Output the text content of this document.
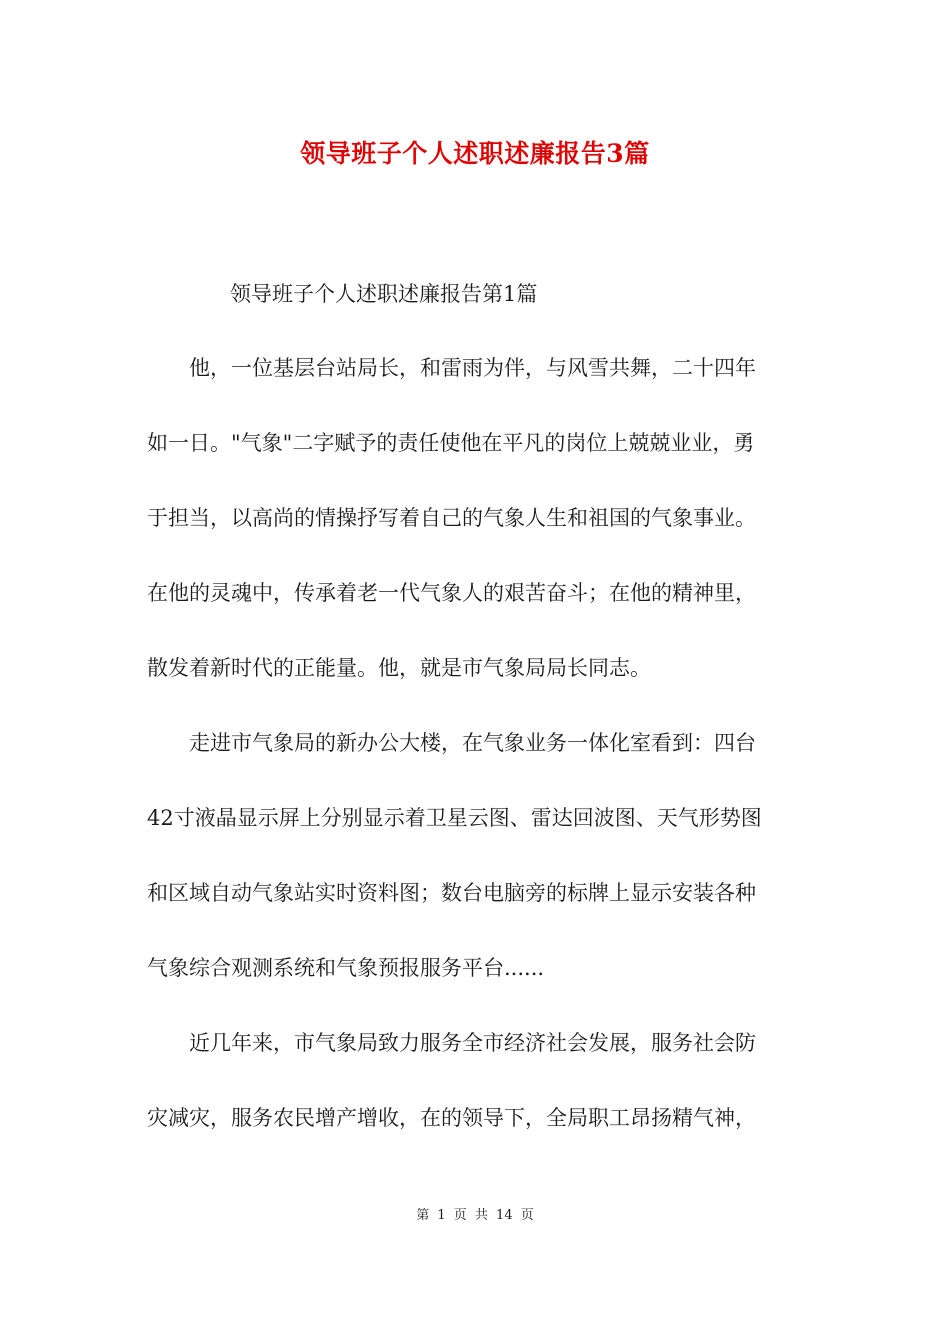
领导班子个人述职述廉报告3篇

领导班子个人述职述廉报告第1篇

他，一位基层台站局长，和雷雨为伴，与风雪共舞，二十四年

如一日。"气象"二字赋予的责任使他在平凡的岗位上兢兢业业，勇

于担当，以高尚的情操抒写着自己的气象人生和祖国的气象事业。

在他的灵魂中，传承着老一代气象人的艰苦奋斗；在他的精神里，

散发着新时代的正能量。他，就是市气象局局长同志。

走进市气象局的新办公大楼，在气象业务一体化室看到：四台

42寸液晶显示屏上分别显示着卫星云图、雷达回波图、天气形势图

和区域自动气象站实时资料图；数台电脑旁的标牌上显示安装各种

气象综合观测系统和气象预报服务平台......

近几年来，市气象局致力服务全市经济社会发展，服务社会防

灾减灾，服务农民增产增收，在的领导下，全局职工昂扬精气神，

第 1 页 共 14 页
